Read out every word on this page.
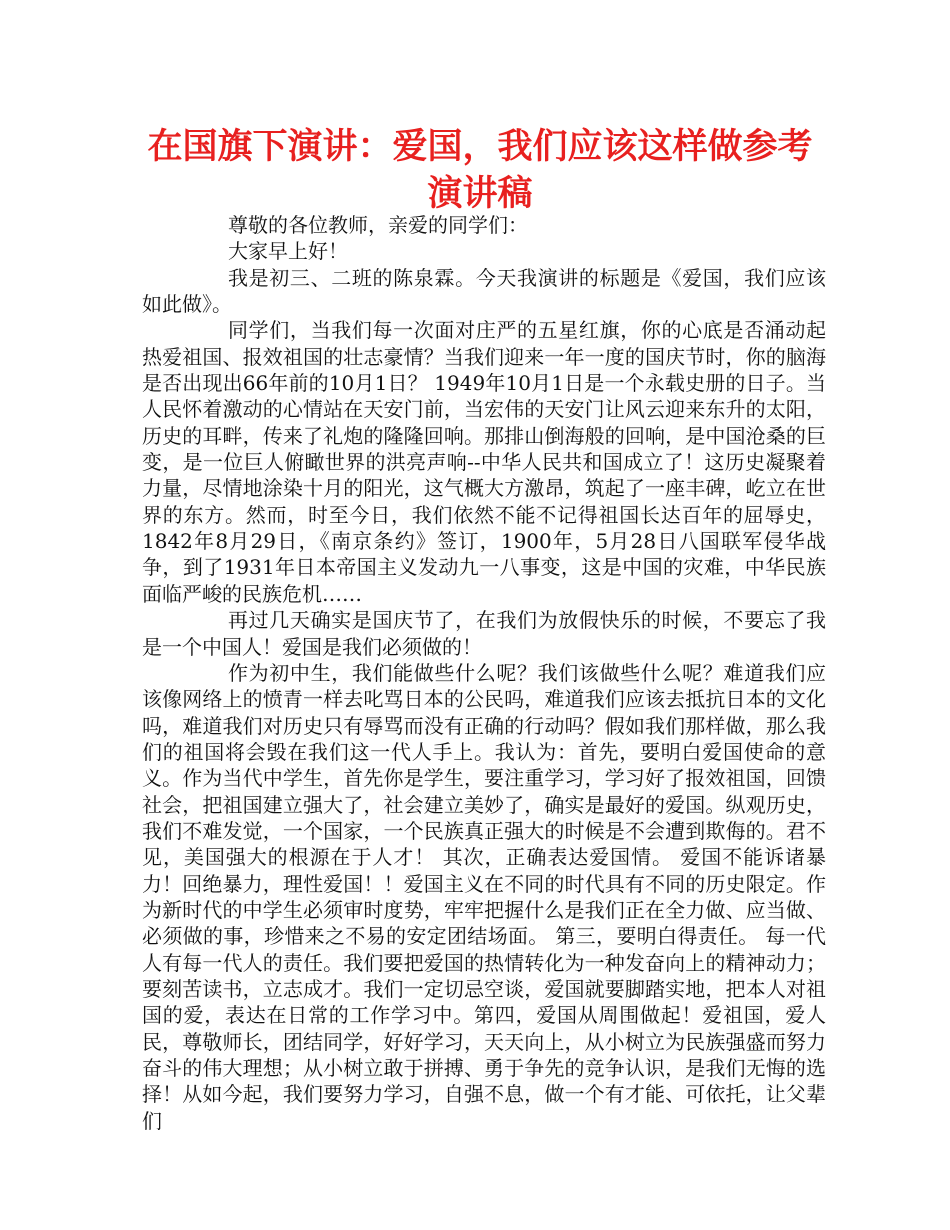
在国旗下演讲：爱国，我们应该这样做参考演讲稿

尊敬的各位教师，亲爱的同学们：

大家早上好！

我是初三、二班的陈泉霖。今天我演讲的标题是《爱国，我们应该如此做》。

同学们，当我们每一次面对庄严的五星红旗，你的心底是否涌动起热爱祖国、报效祖国的壮志豪情？当我们迎来一年一度的国庆节时，你的脑海是否出现出66年前的10月1日？ 1949年10月1日是一个永载史册的日子。当人民怀着激动的心情站在天安门前，当宏伟的天安门让风云迎来东升的太阳，历史的耳畔，传来了礼炮的隆隆回响。那排山倒海般的回响，是中国沧桑的巨变，是一位巨人俯瞰世界的洪亮声响--中华人民共和国成立了！这历史凝聚着力量，尽情地涂染十月的阳光，这气概大方激昂，筑起了一座丰碑，屹立在世界的东方。然而，时至今日，我们依然不能不记得祖国长达百年的屈辱史，1842年8月29日，《南京条约》签订，1900年，5月28日八国联军侵华战争，到了1931年日本帝国主义发动九一八事变，这是中国的灾难，中华民族面临严峻的民族危机……

再过几天确实是国庆节了，在我们为放假快乐的时候，不要忘了我是一个中国人！爱国是我们必须做的！

作为初中生，我们能做些什么呢？我们该做些什么呢？难道我们应该像网络上的愤青一样去叱骂日本的公民吗，难道我们应该去抵抗日本的文化吗，难道我们对历史只有辱骂而没有正确的行动吗？假如我们那样做，那么我们的祖国将会毁在我们这一代人手上。我认为：首先，要明白爱国使命的意义。作为当代中学生，首先你是学生，要注重学习，学习好了报效祖国，回馈社会，把祖国建立强大了，社会建立美妙了，确实是最好的爱国。纵观历史，我们不难发觉，一个国家，一个民族真正强大的时候是不会遭到欺侮的。君不见，美国强大的根源在于人才！ 其次，正确表达爱国情。 爱国不能诉诸暴力！回绝暴力，理性爱国！！爱国主义在不同的时代具有不同的历史限定。作为新时代的中学生必须审时度势，牢牢把握什么是我们正在全力做、应当做、必须做的事，珍惜来之不易的安定团结场面。 第三，要明白得责任。 每一代人有每一代人的责任。我们要把爱国的热情转化为一种发奋向上的精神动力；要刻苦读书，立志成才。我们一定切忌空谈，爱国就要脚踏实地，把本人对祖国的爱，表达在日常的工作学习中。第四，爱国从周围做起！爱祖国，爱人民，尊敬师长，团结同学，好好学习，天天向上，从小树立为民族强盛而努力奋斗的伟大理想；从小树立敢于拼搏、勇于争先的竞争认识，是我们无悔的选择！从如今起，我们要努力学习，自强不息，做一个有才能、可依托，让父辈们
